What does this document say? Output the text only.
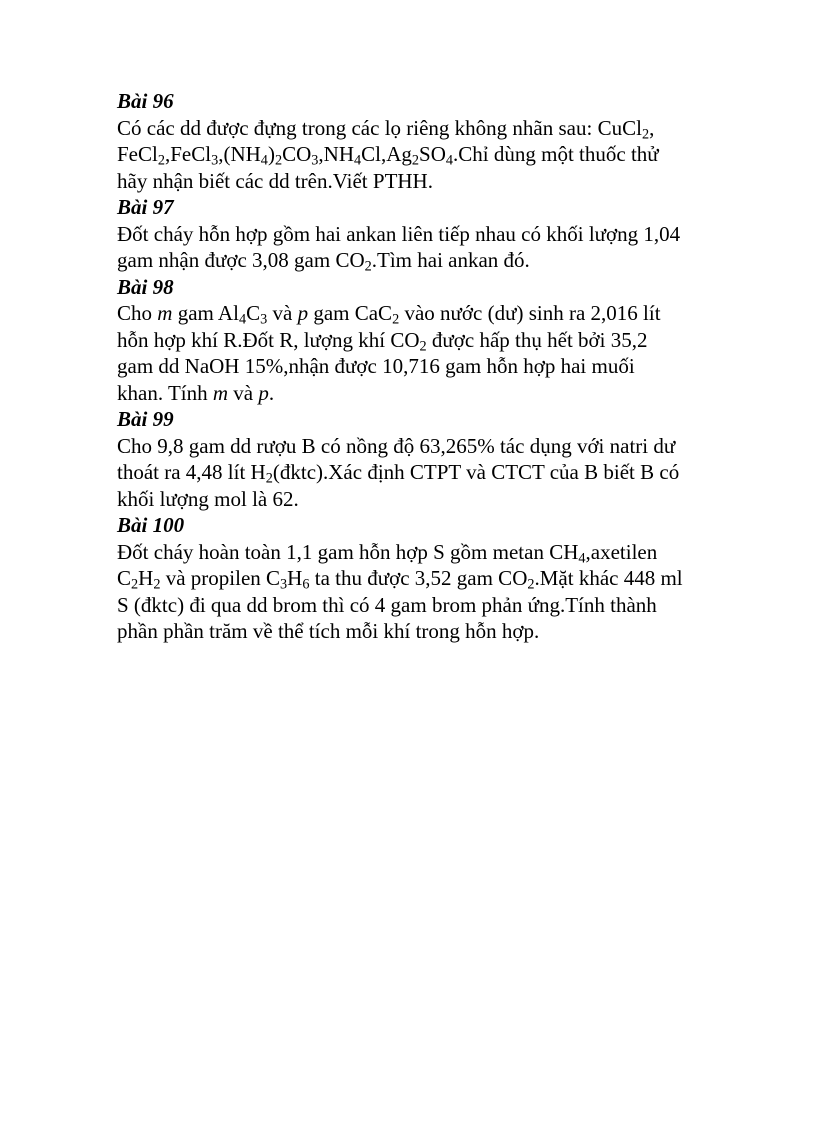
Bài 96

Có các dd được đựng trong các lọ riêng không nhãn sau: CuCl$_2$,
$FeCl_2,FeCl_3,(NH_4)_2CO_3,NH_4Cl,Ag_2SO_4.Chỉ$ dùng một thuốc thử
hãy nhận biết các dd trên.Viết PTHH.

Bài 97

Đốt cháy hỗn hợp gồm hai ankan liên tiếp nhau có khối lượng 1,04
gam nhận được 3,08 gam $CO_2.Tìm$ hai ankan đó.

Bài 98

Cho m gam $Al_4C_3$ và p gam CaC$_2$ vào nước (dư) sinh ra 2,016 lít
hỗn hợp khí R.Đốt R, lượng khí $CO_2$ được hấp thụ hết bởi 35,2
gam dd NaOH 15%,nhận được 10,716 gam hỗn hợp hai muối
khan. Tính m và p.

Bài 99

Cho 9,8 gam dd rượu B có nồng độ 63,265% tác dụng với natri dư
thoát ra 4,48 lít $H_2(đktc).Xác$ định CTPT và CTCT của B biết B có
khối lượng mol là 62.

Bài 100

Đốt cháy hoàn toàn 1,1 gam hỗn hợp S gồm metan $CH_4,axetilen$
$C_2H_2$ và propilen $C_3H_6$ ta thu được 3,52 gam $CO_2.Mặt$ khác 448 ml
S (đktc) đi qua dd brom thì có 4 gam brom phản ứng.Tính thành
phần phần trăm về thể tích mỗi khí trong hỗn hợp.
